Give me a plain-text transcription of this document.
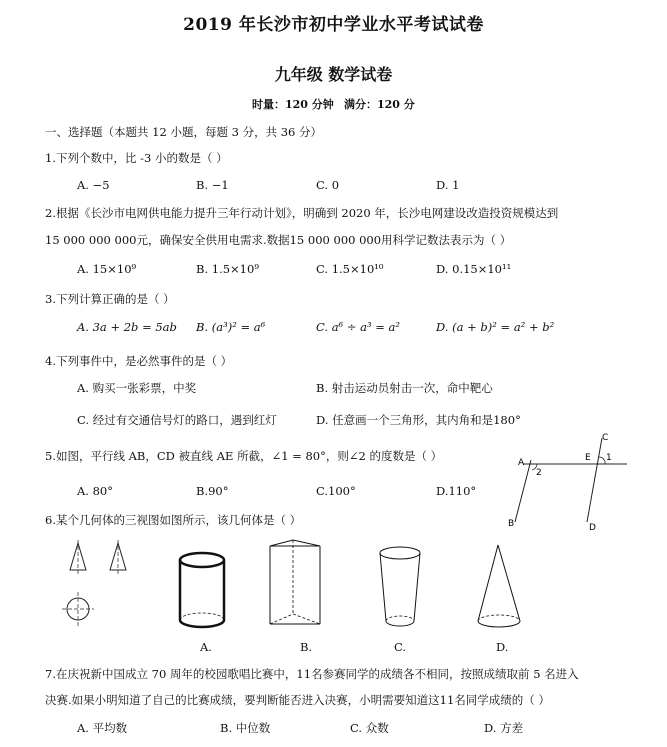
2019 年长沙市初中学业水平考试试卷
九年级 数学试卷
时量：120 分钟 满分：120 分
一、选择题（本题共 12 小题，每题 3 分，共 36 分）
1.下列个数中，比 -3 小的数是（ ）
A. −5	B. −1	C. 0	D. 1
2.根据《长沙市电网供电能力提升三年行动计划》，明确到 2020 年，长沙电网建设改造投资规模达到
15 000 000 000元，确保安全供用电需求.数据15 000 000 000用科学记数法表示为（ ）
A. 15×10⁹	B. 1.5×10⁹	C. 1.5×10¹⁰	D. 0.15×10¹¹
3.下列计算正确的是（ ）
A. 3a + 2b = 5ab B. (a³)² = a⁶	C. a⁶ ÷ a³ = a²	D. (a + b)² = a² + b²
4.下列事件中，是必然事件的是（ ）
A. 购买一张彩票，中奖	B. 射击运动员射击一次，命中靶心
C. 经过有交通信号灯的路口，遇到红灯	D. 任意画一个三角形，其内角和是180°
5.如图，平行线 AB，CD 被直线 AE 所截，∠1 = 80°，则∠2 的度数是（ ）
A. 80°	B.90°	C.100°	D.110°
A	E
C
B	D
1
2
6.某个几何体的三视图如图所示，该几何体是（ ）
A.	B.	C.	D.
7.在庆祝新中国成立 70 周年的校园歌唱比赛中，11名参赛同学的成绩各不相同，按照成绩取前 5 名进入
决赛.如果小明知道了自己的比赛成绩，要判断能否进入决赛，小明需要知道这11名同学成绩的（ ）
A. 平均数	B. 中位数	C. 众数	D. 方差
